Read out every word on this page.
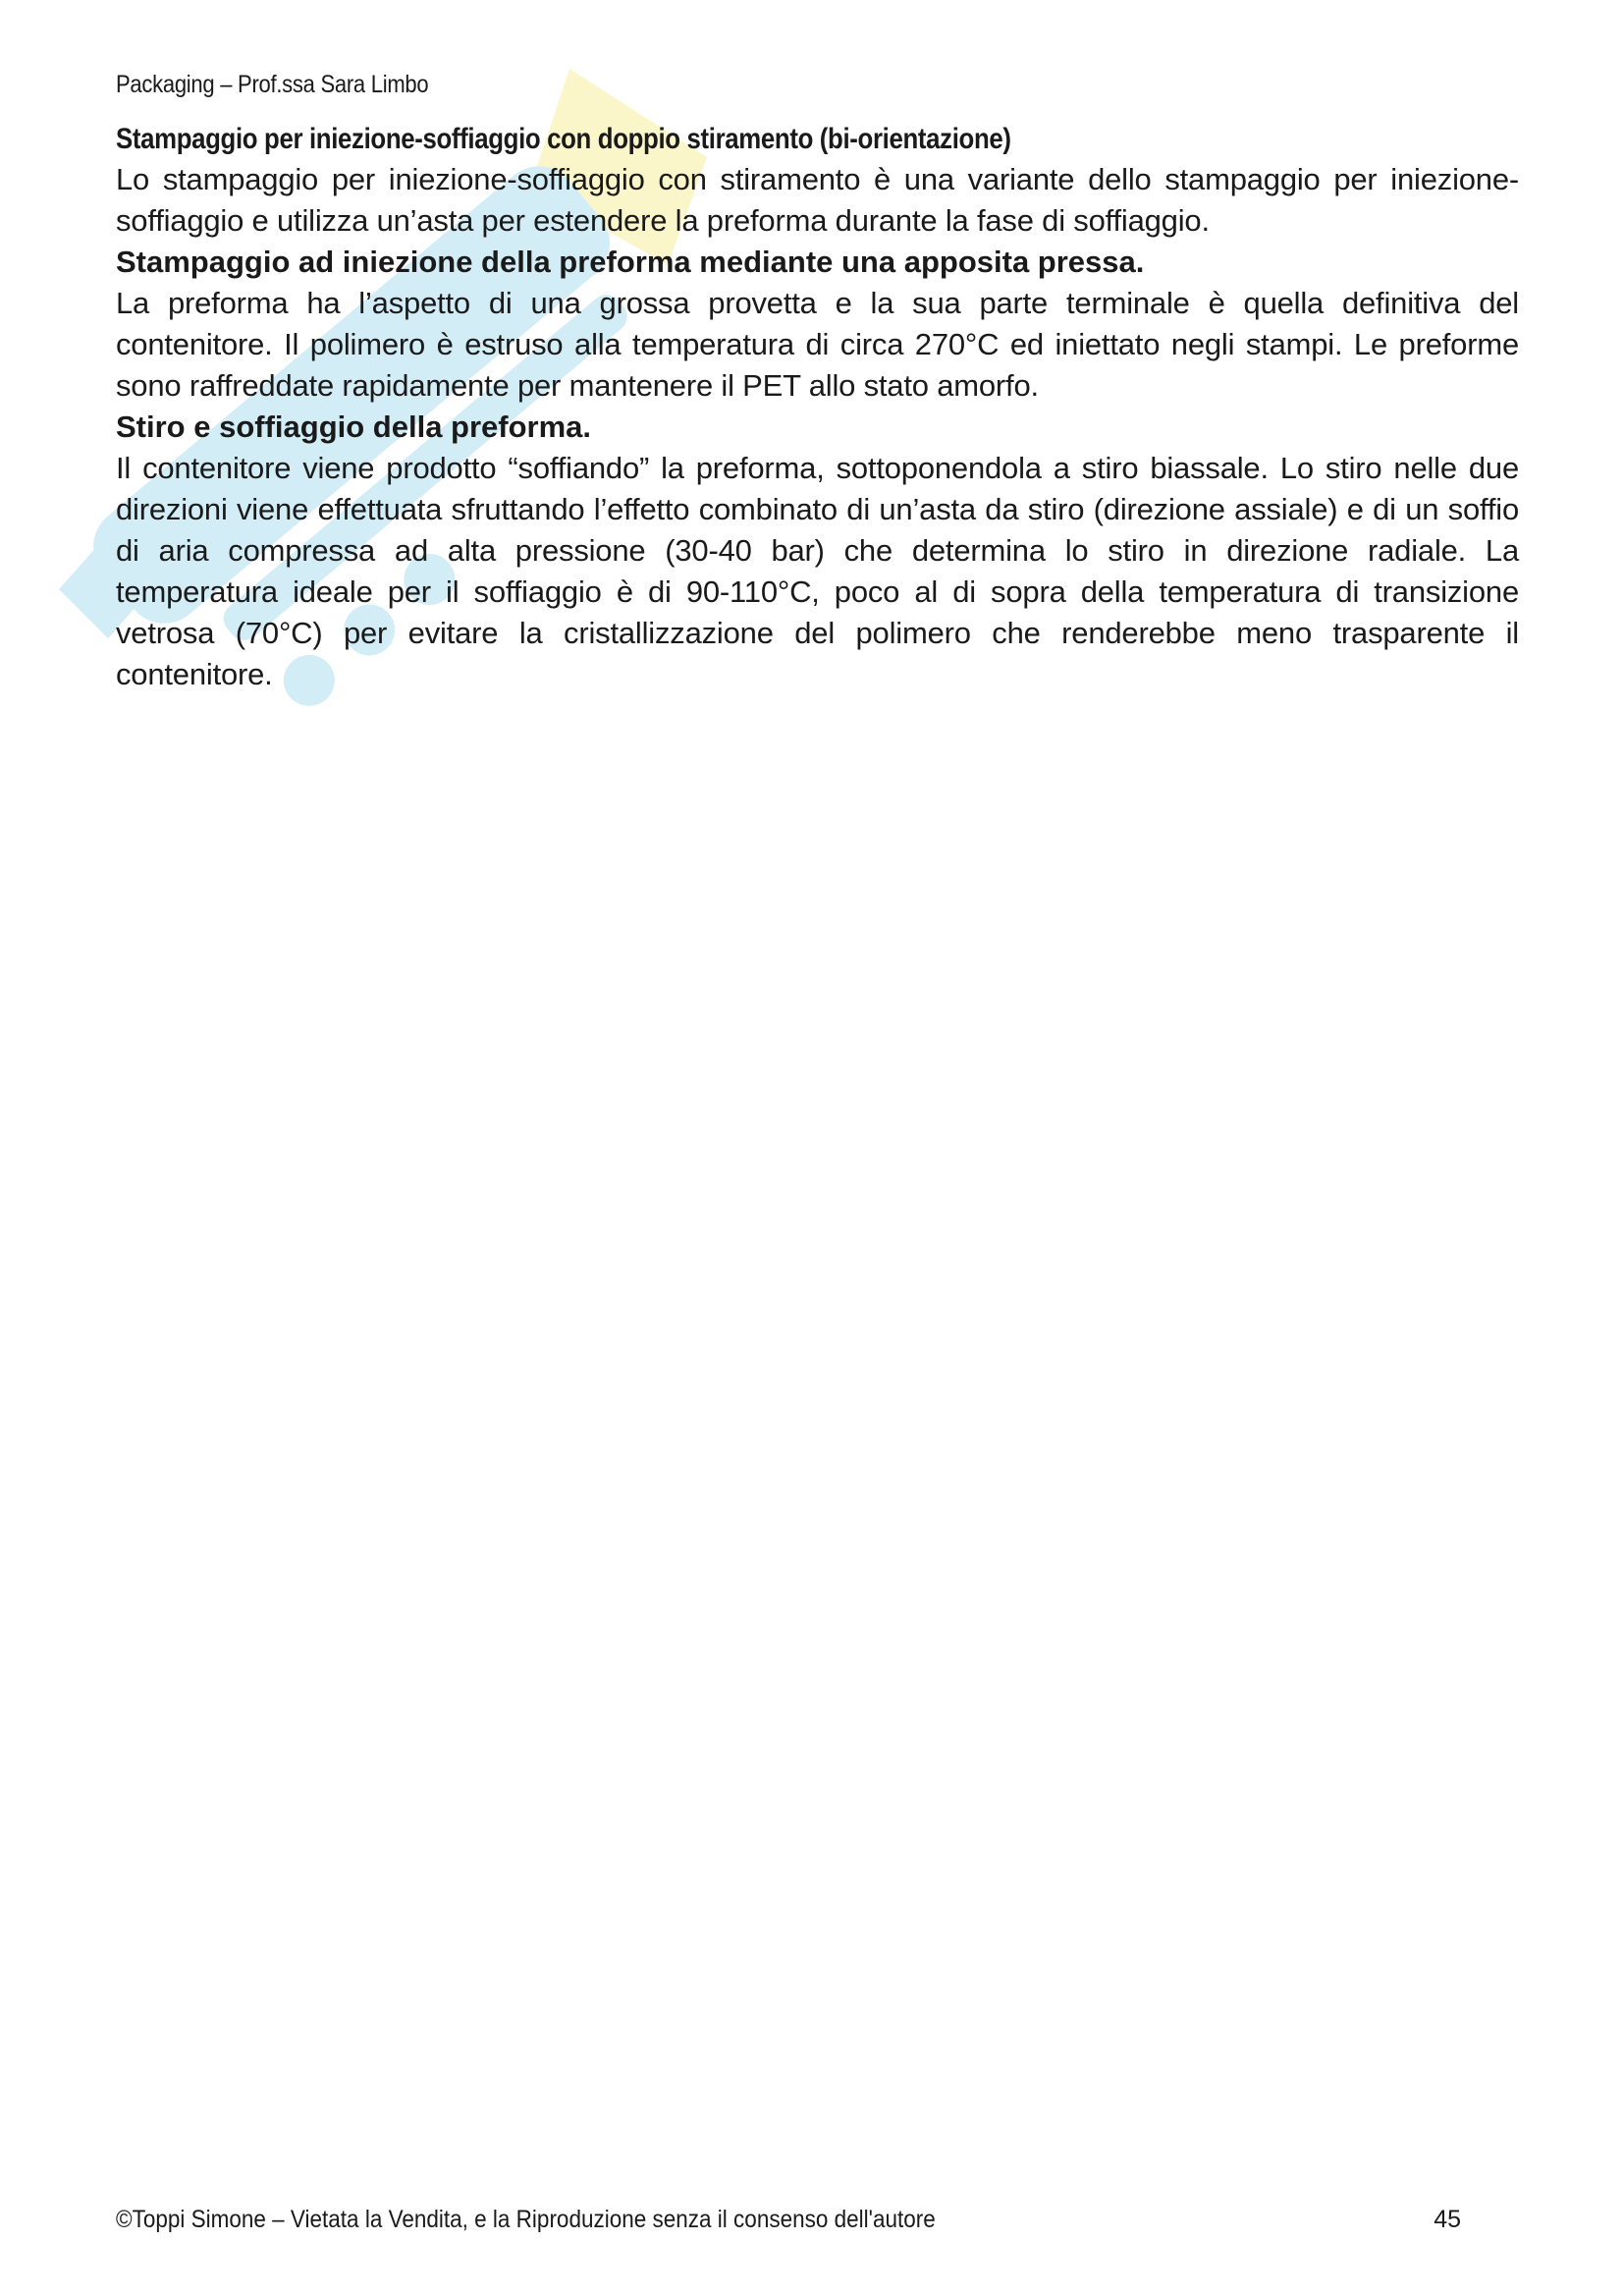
Packaging – Prof.ssa Sara Limbo
Stampaggio per iniezione-soffiaggio con doppio stiramento (bi-orientazione)

Lo stampaggio per iniezione-soffiaggio con stiramento è una variante dello stampaggio per iniezione-soffiaggio e utilizza un’asta per estendere la preforma durante la fase di soffiaggio.

Stampaggio ad iniezione della preforma mediante una apposita pressa.

La preforma ha l’aspetto di una grossa provetta e la sua parte terminale è quella definitiva del contenitore. Il polimero è estruso alla temperatura di circa 270°C ed iniettato negli stampi. Le preforme sono raffreddate rapidamente per mantenere il PET allo stato amorfo.

Stiro e soffiaggio della preforma.

Il contenitore viene prodotto “soffiando” la preforma, sottoponendola a stiro biassale. Lo stiro nelle due direzioni viene effettuata sfruttando l’effetto combinato di un’asta da stiro (direzione assiale) e di un soffio di aria compressa ad alta pressione (30-40 bar) che determina lo stiro in direzione radiale. La temperatura ideale per il soffiaggio è di 90-110°C, poco al di sopra della temperatura di transizione vetrosa (70°C) per evitare la cristallizzazione del polimero che renderebbe meno trasparente il contenitore.

©Toppi Simone – Vietata la Vendita, e la Riproduzione senza il consenso dell'autore	45
